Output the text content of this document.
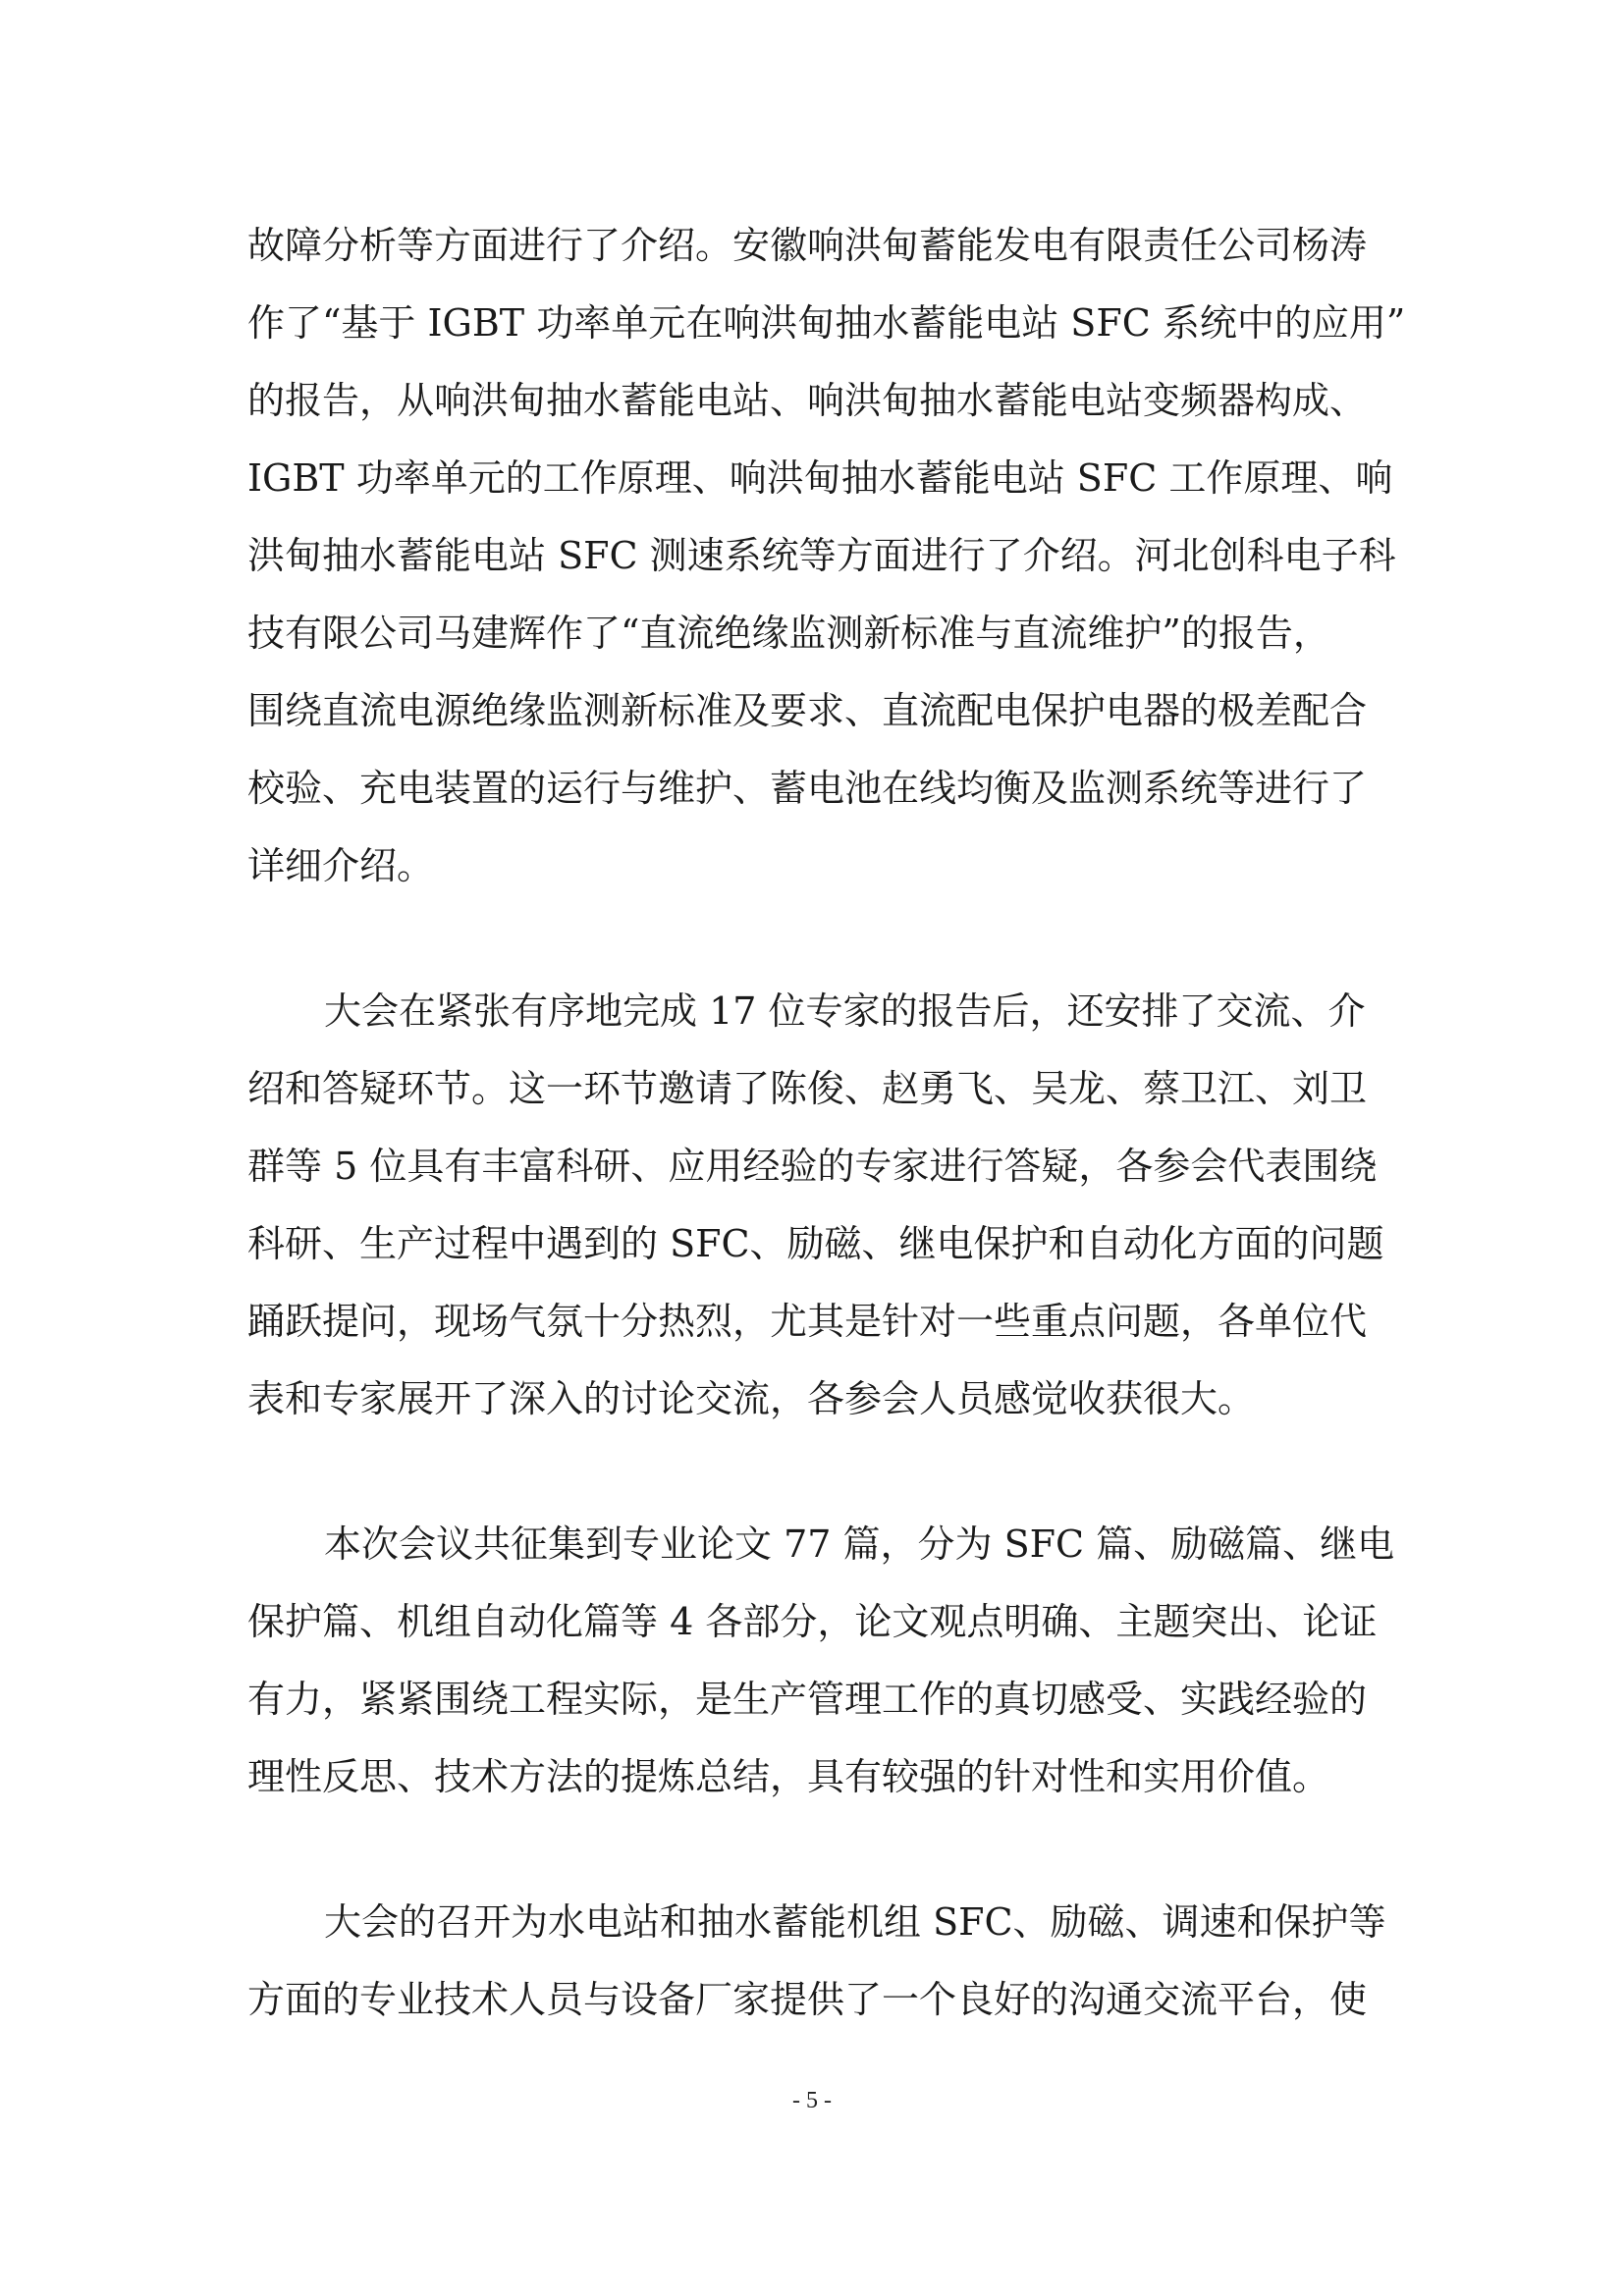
故障分析等方面进行了介绍。安徽响洪甸蓄能发电有限责任公司杨涛
作了“基于 IGBT 功率单元在响洪甸抽水蓄能电站 SFC 系统中的应用”
的报告，从响洪甸抽水蓄能电站、响洪甸抽水蓄能电站变频器构成、
IGBT 功率单元的工作原理、响洪甸抽水蓄能电站 SFC 工作原理、响
洪甸抽水蓄能电站 SFC 测速系统等方面进行了介绍。河北创科电子科
技有限公司马建辉作了“直流绝缘监测新标准与直流维护”的报告，
围绕直流电源绝缘监测新标准及要求、直流配电保护电器的极差配合
校验、充电装置的运行与维护、蓄电池在线均衡及监测系统等进行了
详细介绍。
大会在紧张有序地完成 17 位专家的报告后，还安排了交流、介
绍和答疑环节。这一环节邀请了陈俊、赵勇飞、吴龙、蔡卫江、刘卫
群等 5 位具有丰富科研、应用经验的专家进行答疑，各参会代表围绕
科研、生产过程中遇到的 SFC、励磁、继电保护和自动化方面的问题
踊跃提问，现场气氛十分热烈，尤其是针对一些重点问题，各单位代
表和专家展开了深入的讨论交流，各参会人员感觉收获很大。
本次会议共征集到专业论文 77 篇，分为 SFC 篇、励磁篇、继电
保护篇、机组自动化篇等 4 各部分，论文观点明确、主题突出、论证
有力，紧紧围绕工程实际，是生产管理工作的真切感受、实践经验的
理性反思、技术方法的提炼总结，具有较强的针对性和实用价值。
大会的召开为水电站和抽水蓄能机组 SFC、励磁、调速和保护等
方面的专业技术人员与设备厂家提供了一个良好的沟通交流平台，使
- 5 -
